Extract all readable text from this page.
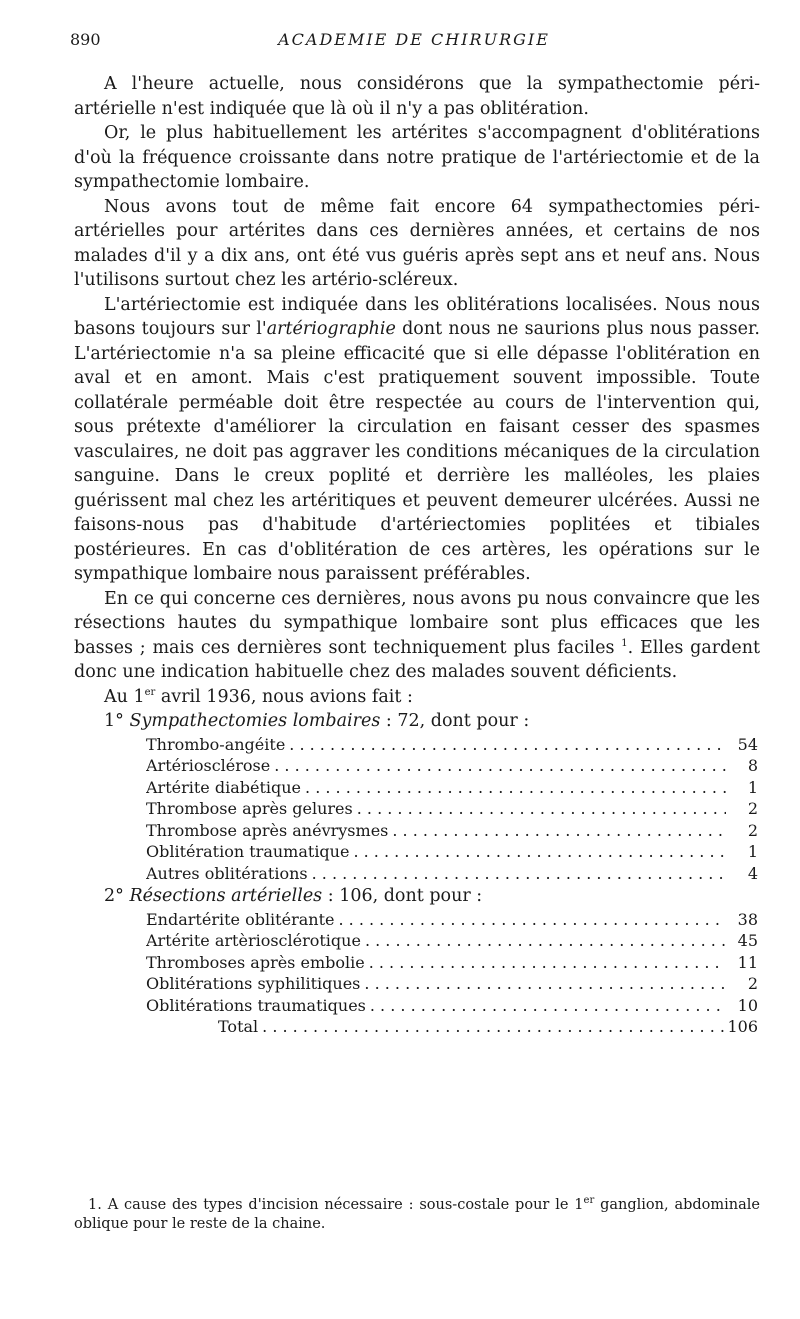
890	ACADEMIE DE CHIRURGIE

A l'heure actuelle, nous considérons que la sympathectomie péri-artérielle n'est indiquée que là où il n'y a pas oblitération.

Or, le plus habituellement les artérites s'accompagnent d'oblitérations d'où la fréquence croissante dans notre pratique de l'artériectomie et de la sympathectomie lombaire.

Nous avons tout de même fait encore 64 sympathectomies péri-artérielles pour artérites dans ces dernières années, et certains de nos malades d'il y a dix ans, ont été vus guéris après sept ans et neuf ans. Nous l'utilisons surtout chez les artério-scléreux.

L'artériectomie est indiquée dans les oblitérations localisées. Nous nous basons toujours sur l'artériographie dont nous ne saurions plus nous passer. L'artériectomie n'a sa pleine efficacité que si elle dépasse l'oblitération en aval et en amont. Mais c'est pratiquement souvent impossible. Toute collatérale perméable doit être respectée au cours de l'intervention qui, sous prétexte d'améliorer la circulation en faisant cesser des spasmes vasculaires, ne doit pas aggraver les conditions mécaniques de la circulation sanguine. Dans le creux poplité et derrière les malléoles, les plaies guérissent mal chez les artéritiques et peuvent demeurer ulcérées. Aussi ne faisons-nous pas d'habitude d'artériectomies poplitées et tibiales postérieures. En cas d'oblitération de ces artères, les opérations sur le sympathique lombaire nous paraissent préférables.

En ce qui concerne ces dernières, nous avons pu nous convaincre que les résections hautes du sympathique lombaire sont plus efficaces que les basses ; mais ces dernières sont techniquement plus faciles $^1$. Elles gardent donc une indication habituelle chez des malades souvent déficients.

Au 1er avril 1936, nous avions fait :

1° Sympathectomies lombaires : 72, dont pour :

Thrombo-angéite . . .	54
Artériosclérose . . .	8
Artérite diabétique . . .	1
Thrombose après gelures . . .	2
Thrombose après anévrysmes . . .	2
Oblitération traumatique . . .	1
Autres oblitérations . . .	4

2° Résections artérielles : 106, dont pour :

Endartérite oblitérante . . .	38
Artérite artèriosclérotique . . .	45
Thromboses après embolie . . .	11
Oblitérations syphilitiques . . .	2
Oblitérations traumatiques . . .	10
Total . . .	106
1. A cause des types d'incision nécessaire : sous-costale pour le 1er ganglion, abdominale oblique pour le reste de la chaine.
